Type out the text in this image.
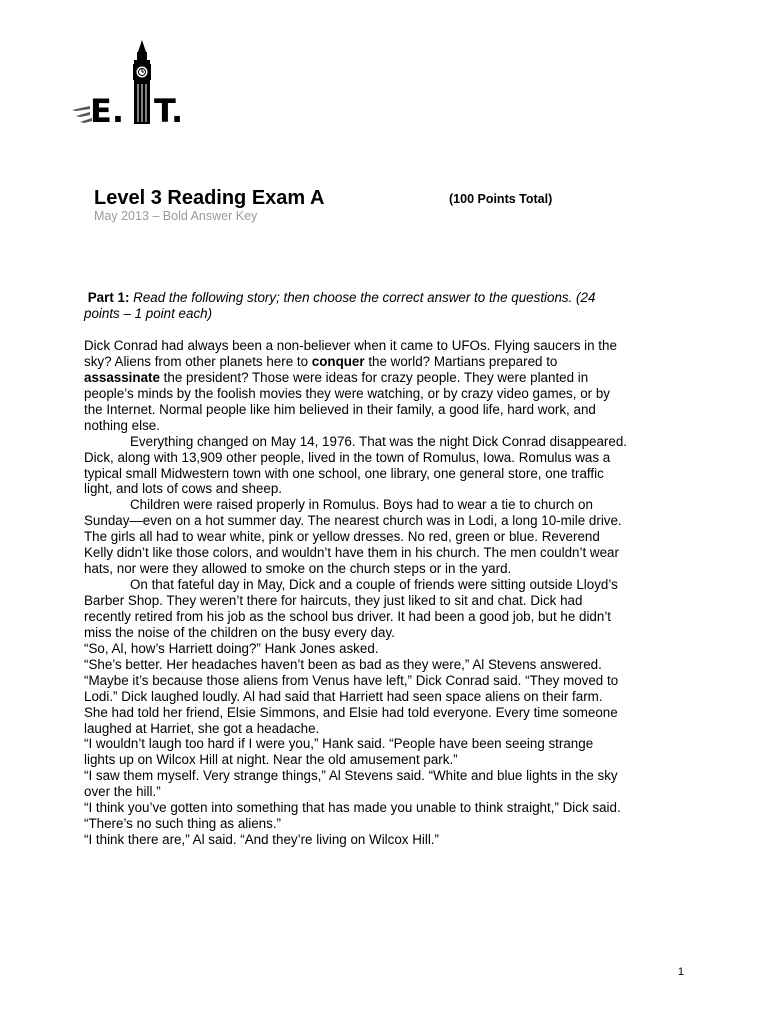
E. T.
Level 3 Reading Exam A	(100 Points Total)
May 2013 – Bold Answer Key
Part 1: Read the following story; then choose the correct answer to the questions. (24
points – 1 point each)
Dick Conrad had always been a non-believer when it came to UFOs. Flying saucers in the
sky? Aliens from other planets here to conquer the world? Martians prepared to
assassinate the president? Those were ideas for crazy people. They were planted in
people’s minds by the foolish movies they were watching, or by crazy video games, or by
the Internet. Normal people like him believed in their family, a good life, hard work, and
nothing else.
Everything changed on May 14, 1976. That was the night Dick Conrad disappeared.
Dick, along with 13,909 other people, lived in the town of Romulus, Iowa. Romulus was a
typical small Midwestern town with one school, one library, one general store, one traffic
light, and lots of cows and sheep.
Children were raised properly in Romulus. Boys had to wear a tie to church on
Sunday—even on a hot summer day. The nearest church was in Lodi, a long 10-mile drive.
The girls all had to wear white, pink or yellow dresses. No red, green or blue. Reverend
Kelly didn’t like those colors, and wouldn’t have them in his church. The men couldn’t wear
hats, nor were they allowed to smoke on the church steps or in the yard.
On that fateful day in May, Dick and a couple of friends were sitting outside Lloyd’s
Barber Shop. They weren’t there for haircuts, they just liked to sit and chat. Dick had
recently retired from his job as the school bus driver. It had been a good job, but he didn’t
miss the noise of the children on the busy every day.
“So, Al, how’s Harriett doing?” Hank Jones asked.
“She’s better. Her headaches haven’t been as bad as they were,” Al Stevens answered.
“Maybe it’s because those aliens from Venus have left,” Dick Conrad said. “They moved to
Lodi.” Dick laughed loudly. Al had said that Harriett had seen space aliens on their farm.
She had told her friend, Elsie Simmons, and Elsie had told everyone. Every time someone
laughed at Harriet, she got a headache.
“I wouldn’t laugh too hard if I were you,” Hank said. “People have been seeing strange
lights up on Wilcox Hill at night. Near the old amusement park.”
“I saw them myself. Very strange things,” Al Stevens said. “White and blue lights in the sky
over the hill.”
“I think you’ve gotten into something that has made you unable to think straight,” Dick said.
“There’s no such thing as aliens.”
“I think there are,” Al said. “And they’re living on Wilcox Hill.”
1
